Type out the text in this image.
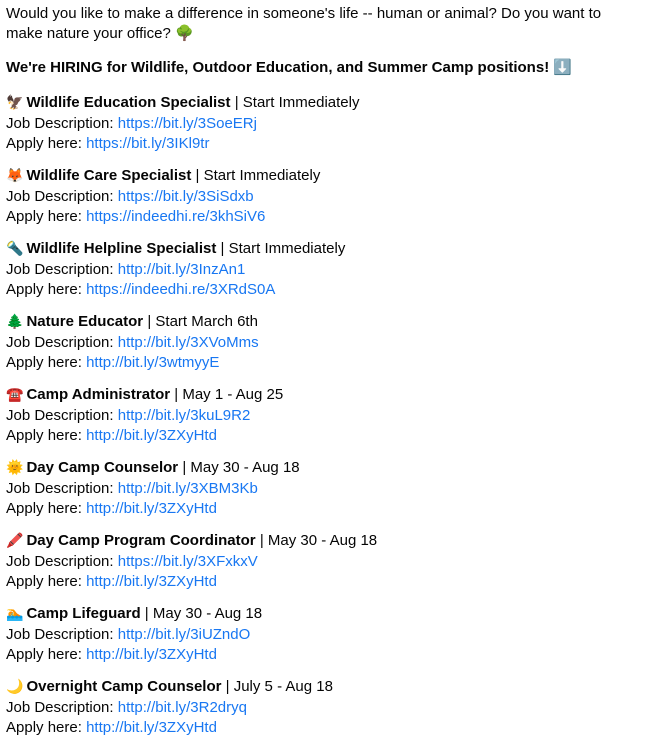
Would you like to make a difference in someone's life -- human or animal? Do you want to make nature your office? 🌳

We're HIRING for Wildlife, Outdoor Education, and Summer Camp positions! ⬇️

🦅 Wildlife Education Specialist | Start Immediately
Job Description: https://bit.ly/3SoeERj
Apply here: https://bit.ly/3IKl9tr
🦊 Wildlife Care Specialist | Start Immediately
Job Description: https://bit.ly/3SiSdxb
Apply here: https://indeedhi.re/3khSiV6
🔦 Wildlife Helpline Specialist | Start Immediately
Job Description: http://bit.ly/3InzAn1
Apply here: https://indeedhi.re/3XRdS0A
🌲 Nature Educator | Start March 6th
Job Description: http://bit.ly/3XVoMms
Apply here: http://bit.ly/3wtmyyE
☎️ Camp Administrator | May 1 - Aug 25
Job Description: http://bit.ly/3kuL9R2
Apply here: http://bit.ly/3ZXyHtd
🌞 Day Camp Counselor | May 30 - Aug 18
Job Description: http://bit.ly/3XBM3Kb
Apply here: http://bit.ly/3ZXyHtd
🖍️ Day Camp Program Coordinator | May 30 - Aug 18
Job Description: https://bit.ly/3XFxkxV
Apply here: http://bit.ly/3ZXyHtd
🏊 Camp Lifeguard | May 30 - Aug 18
Job Description: http://bit.ly/3iUZndO
Apply here: http://bit.ly/3ZXyHtd
🌙 Overnight Camp Counselor | July 5 - Aug 18
Job Description: http://bit.ly/3R2dryq
Apply here: http://bit.ly/3ZXyHtd
